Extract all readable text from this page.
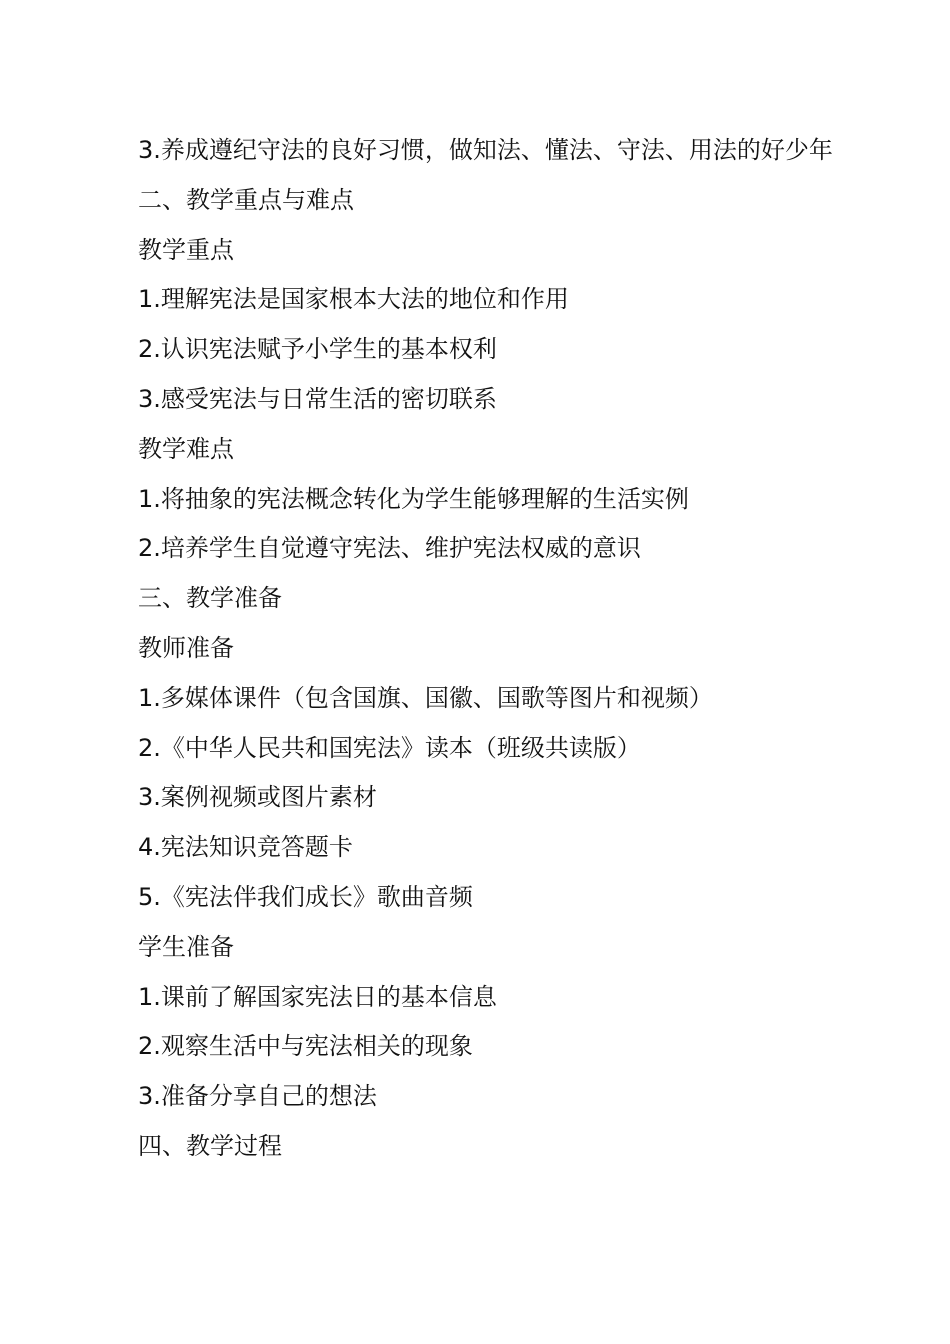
3.养成遵纪守法的良好习惯，做知法、懂法、守法、用法的好少年
二、教学重点与难点
教学重点
1.理解宪法是国家根本大法的地位和作用
2.认识宪法赋予小学生的基本权利
3.感受宪法与日常生活的密切联系
教学难点
1.将抽象的宪法概念转化为学生能够理解的生活实例
2.培养学生自觉遵守宪法、维护宪法权威的意识
三、教学准备
教师准备
1.多媒体课件（包含国旗、国徽、国歌等图片和视频）
2.《中华人民共和国宪法》读本（班级共读版）
3.案例视频或图片素材
4.宪法知识竞答题卡
5.《宪法伴我们成长》歌曲音频
学生准备
1.课前了解国家宪法日的基本信息
2.观察生活中与宪法相关的现象
3.准备分享自己的想法
四、教学过程
